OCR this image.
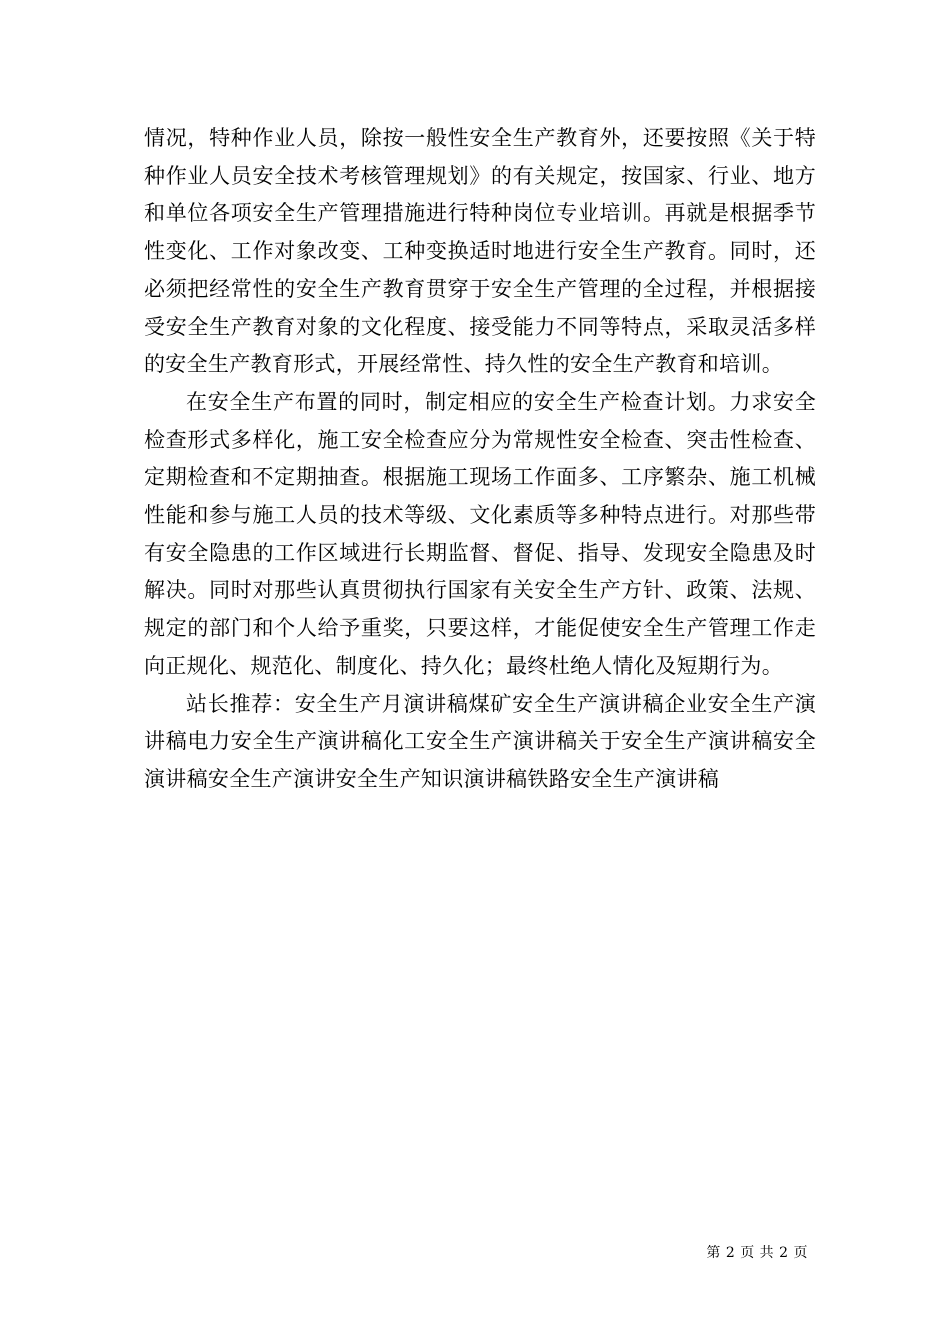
情况，特种作业人员，除按一般性安全生产教育外，还要按照《关于特种作业人员安全技术考核管理规划》的有关规定，按国家、行业、地方和单位各项安全生产管理措施进行特种岗位专业培训。再就是根据季节性变化、工作对象改变、工种变换适时地进行安全生产教育。同时，还必须把经常性的安全生产教育贯穿于安全生产管理的全过程，并根据接受安全生产教育对象的文化程度、接受能力不同等特点，采取灵活多样的安全生产教育形式，开展经常性、持久性的安全生产教育和培训。

在安全生产布置的同时，制定相应的安全生产检查计划。力求安全检查形式多样化，施工安全检查应分为常规性安全检查、突击性检查、定期检查和不定期抽查。根据施工现场工作面多、工序繁杂、施工机械性能和参与施工人员的技术等级、文化素质等多种特点进行。对那些带有安全隐患的工作区域进行长期监督、督促、指导、发现安全隐患及时解决。同时对那些认真贯彻执行国家有关安全生产方针、政策、法规、规定的部门和个人给予重奖，只要这样，才能促使安全生产管理工作走向正规化、规范化、制度化、持久化；最终杜绝人情化及短期行为。

站长推荐：安全生产月演讲稿煤矿安全生产演讲稿企业安全生产演讲稿电力安全生产演讲稿化工安全生产演讲稿关于安全生产演讲稿安全演讲稿安全生产演讲安全生产知识演讲稿铁路安全生产演讲稿

第 2 页 共 2 页
